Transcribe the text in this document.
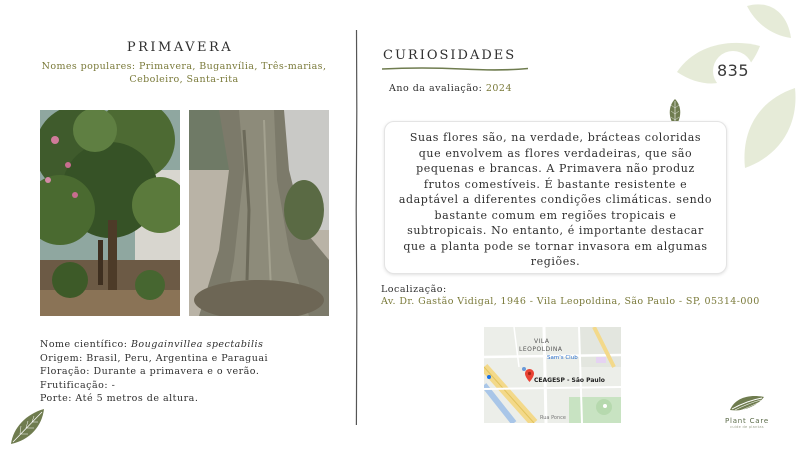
PRIMAVERA
Nomes populares: Primavera, Buganvília, Três-marias, Ceboleiro, Santa-rita
Nome científico: Bougainvillea spectabilis
Origem: Brasil, Peru, Argentina e Paraguai
Floração: Durante a primavera e o verão.
Frutificação: -
Porte: Até 5 metros de altura.
CURIOSIDADES
Ano da avaliação: 2024
Suas flores são, na verdade, brácteas coloridas que envolvem as flores verdadeiras, que são pequenas e brancas. A Primavera não produz frutos comestíveis. É bastante resistente e adaptável a diferentes condições climáticas. sendo bastante comum em regiões tropicais e subtropicais. No entanto, é importante destacar que a planta pode se tornar invasora em algumas regiões.
Localização:
Av. Dr. Gastão Vidigal, 1946 - Vila Leopoldina, São Paulo - SP, 05314-000
VILA
LEOPOLDINA
Sam's Club
CEAGESP - São Paulo
Rua Ponce
835
Plant Care
cuide de plantas
